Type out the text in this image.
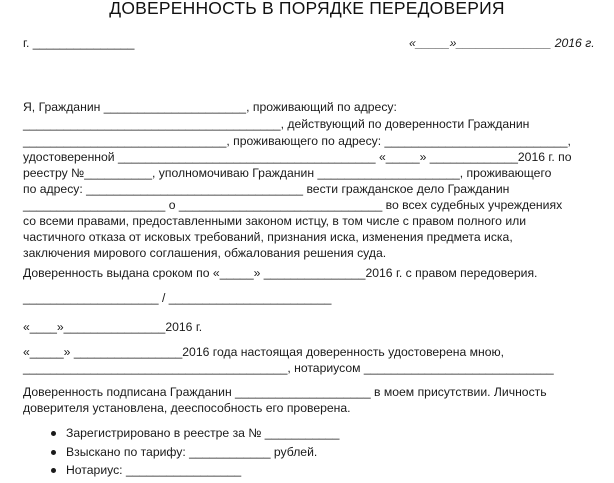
ДОВЕРЕННОСТЬ В ПОРЯДКЕ ПЕРЕДОВЕРИЯ
г. _______________	«_____»______________ 2016 г.
Я, Гражданин _____________________, проживающий по адресу:
______________________________________, действующий по доверенности Гражданин
______________________________, проживающего по адресу: ___________________________,
удостоверенной ______________________________________ «_____» _____________2016 г. по
реестру №__________, уполномочиваю Гражданин _____________________, проживающего
по адресу: ________________________________ вести гражданское дело Гражданин
_____________________ о ______________________________ во всех судебных учреждениях
со всеми правами, предоставленными законом истцу, в том числе с правом полного или
частичного отказа от исковых требований, признания иска, изменения предмета иска,
заключения мирового соглашения, обжалования решения суда.
Доверенность выдана сроком по «_____» _______________2016 г. с правом передоверия.
____________________ / ________________________
«____»_______________2016 г.
«_____» ________________2016 года настоящая доверенность удостоверена мною,
_______________________________________, нотариусом ____________________________
Доверенность подписана Гражданин ____________________ в моем присутствии. Личность
доверителя установлена, дееспособность его проверена.
Зарегистрировано в реестре за № ___________
Взыскано по тарифу: ____________ рублей.
Нотариус: _________________
